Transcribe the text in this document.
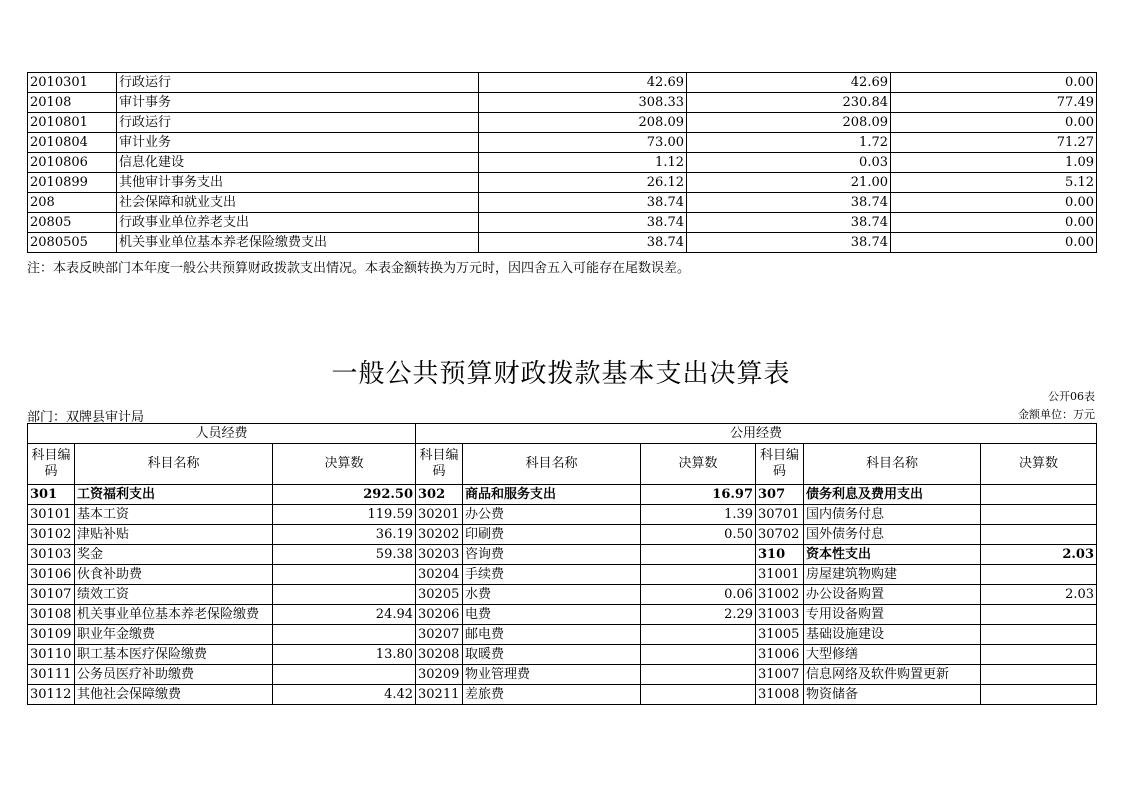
2010301	行政运行	42.69	42.69	0.00
20108	审计事务	308.33	230.84	77.49
2010801	行政运行	208.09	208.09	0.00
2010804	审计业务	73.00	1.72	71.27
2010806	信息化建设	1.12	0.03	1.09
2010899	其他审计事务支出	26.12	21.00	5.12
208	社会保障和就业支出	38.74	38.74	0.00
20805	行政事业单位养老支出	38.74	38.74	0.00
2080505	机关事业单位基本养老保险缴费支出	38.74	38.74	0.00
注：本表反映部门本年度一般公共预算财政拨款支出情况。本表金额转换为万元时，因四舍五入可能存在尾数误差。
一般公共预算财政拨款基本支出决算表
公开06表
部门：双牌县审计局	金额单位：万元
人员经费			公用经费					
科目编码	科目名称	决算数	科目编码	科目名称	决算数	科目编码	科目名称	决算数
301	工资福利支出	292.50	302	商品和服务支出	16.97	307	债务利息及费用支出	
30101	基本工资	119.59	30201	办公费	1.39	30701	国内债务付息	
30102	津贴补贴	36.19	30202	印刷费	0.50	30702	国外债务付息	
30103	奖金	59.38	30203	咨询费		310	资本性支出	2.03
30106	伙食补助费		30204	手续费		31001	房屋建筑物购建	
30107	绩效工资		30205	水费	0.06	31002	办公设备购置	2.03
30108	机关事业单位基本养老保险缴费	24.94	30206	电费	2.29	31003	专用设备购置	
30109	职业年金缴费		30207	邮电费		31005	基础设施建设	
30110	职工基本医疗保险缴费	13.80	30208	取暖费		31006	大型修缮	
30111	公务员医疗补助缴费		30209	物业管理费		31007	信息网络及软件购置更新	
30112	其他社会保障缴费	4.42	30211	差旅费		31008	物资储备	
